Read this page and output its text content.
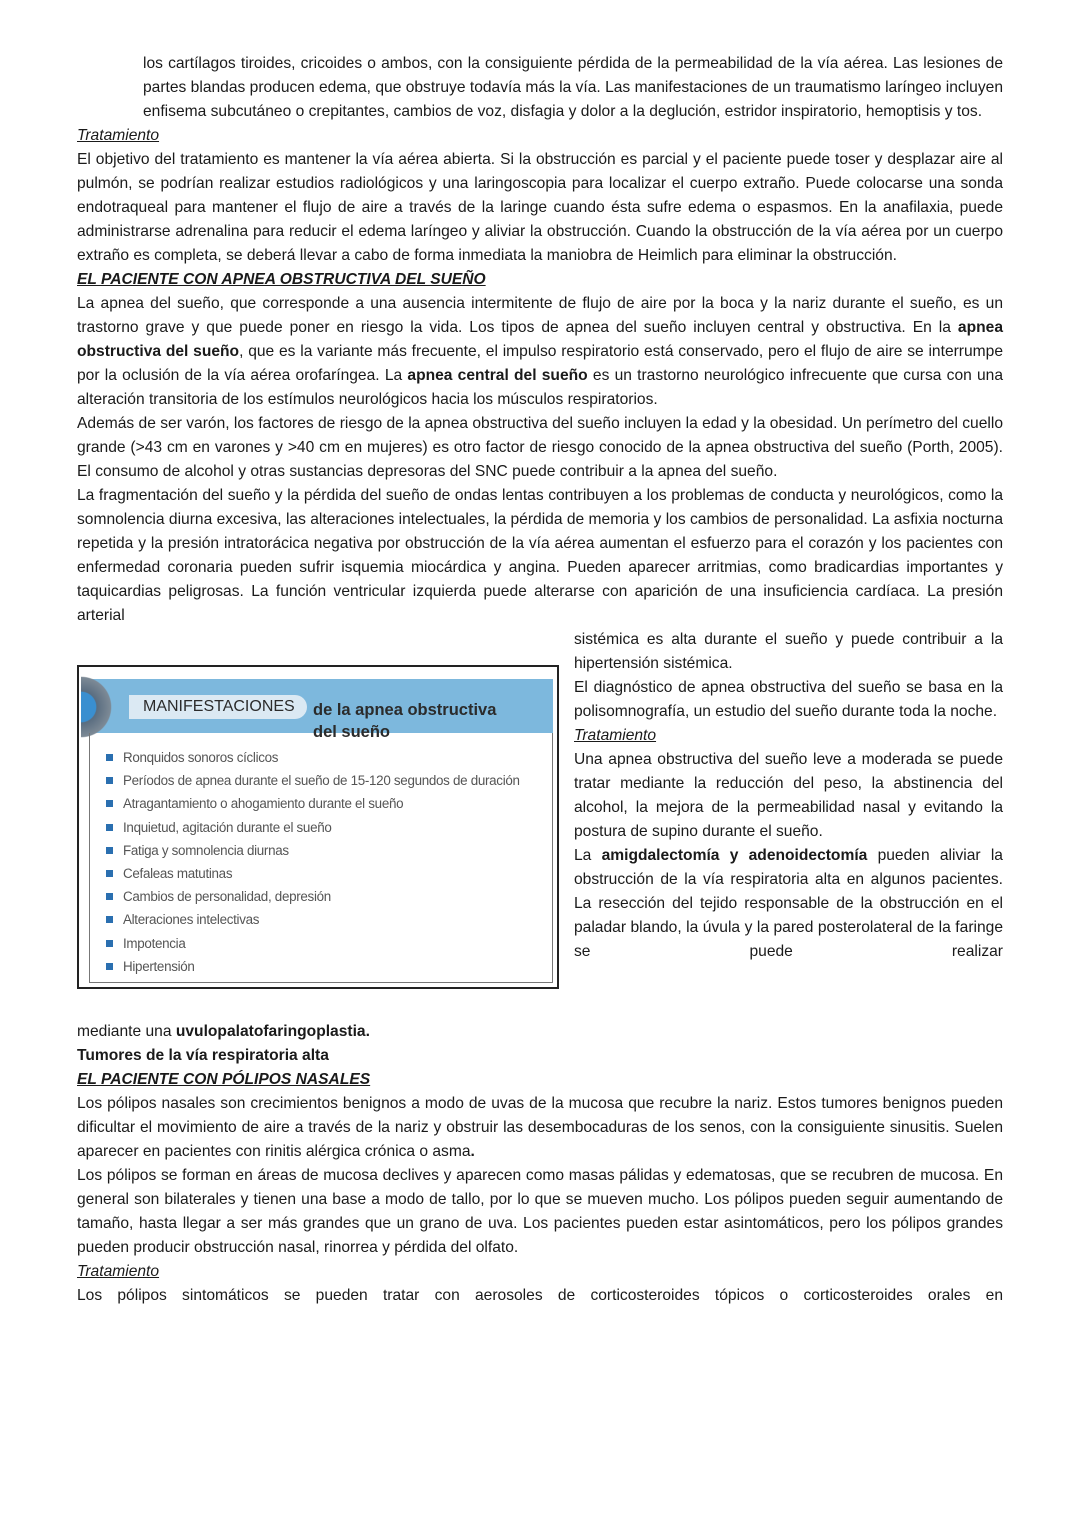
los cartílagos tiroides, cricoides o ambos, con la consiguiente pérdida de la permeabilidad de la vía aérea. Las lesiones de partes blandas producen edema, que obstruye todavía más la vía. Las manifestaciones de un traumatismo laríngeo incluyen enfisema subcutáneo o crepitantes, cambios de voz, disfagia y dolor a la deglución, estridor inspiratorio, hemoptisis y tos.

Tratamiento

El objetivo del tratamiento es mantener la vía aérea abierta. Si la obstrucción es parcial y el paciente puede toser y desplazar aire al pulmón, se podrían realizar estudios radiológicos y una laringoscopia para localizar el cuerpo extraño. Puede colocarse una sonda endotraqueal para mantener el flujo de aire a través de la laringe cuando ésta sufre edema o espasmos. En la anafilaxia, puede administrarse adrenalina para reducir el edema laríngeo y aliviar la obstrucción. Cuando la obstrucción de la vía aérea por un cuerpo extraño es completa, se deberá llevar a cabo de forma inmediata la maniobra de Heimlich para eliminar la obstrucción.

EL PACIENTE CON APNEA OBSTRUCTIVA DEL SUEÑO

La apnea del sueño, que corresponde a una ausencia intermitente de flujo de aire por la boca y la nariz durante el sueño, es un trastorno grave y que puede poner en riesgo la vida. Los tipos de apnea del sueño incluyen central y obstructiva. En la apnea obstructiva del sueño, que es la variante más frecuente, el impulso respiratorio está conservado, pero el flujo de aire se interrumpe por la oclusión de la vía aérea orofaríngea. La apnea central del sueño es un trastorno neurológico infrecuente que cursa con una alteración transitoria de los estímulos neurológicos hacia los músculos respiratorios.

Además de ser varón, los factores de riesgo de la apnea obstructiva del sueño incluyen la edad y la obesidad. Un perímetro del cuello grande (>43 cm en varones y >40 cm en mujeres) es otro factor de riesgo conocido de la apnea obstructiva del sueño (Porth, 2005). El consumo de alcohol y otras sustancias depresoras del SNC puede contribuir a la apnea del sueño.

La fragmentación del sueño y la pérdida del sueño de ondas lentas contribuyen a los problemas de conducta y neurológicos, como la somnolencia diurna excesiva, las alteraciones intelectuales, la pérdida de memoria y los cambios de personalidad. La asfixia nocturna repetida y la presión intratorácica negativa por obstrucción de la vía aérea aumentan el esfuerzo para el corazón y los pacientes con enfermedad coronaria pueden sufrir isquemia miocárdica y angina. Pueden aparecer arritmias, como bradicardias importantes y taquicardias peligrosas. La función ventricular izquierda puede alterarse con aparición de una insuficiencia cardíaca. La presión arterial

MANIFESTACIONES	de la apnea obstructiva
del sueño
Ronquidos sonoros cíclicos
Períodos de apnea durante el sueño de 15-120 segundos de duración
Atragantamiento o ahogamiento durante el sueño
Inquietud, agitación durante el sueño
Fatiga y somnolencia diurnas
Cefaleas matutinas
Cambios de personalidad, depresión
Alteraciones intelectivas
Impotencia
Hipertensión

sistémica es alta durante el sueño y puede contribuir a la hipertensión sistémica.

El diagnóstico de apnea obstructiva del sueño se basa en la polisomnografía, un estudio del sueño durante toda la noche.

Tratamiento

Una apnea obstructiva del sueño leve a moderada se puede tratar mediante la reducción del peso, la abstinencia del alcohol, la mejora de la permeabilidad nasal y evitando la postura de supino durante el sueño.

La amigdalectomía y adenoidectomía pueden aliviar la obstrucción de la vía respiratoria alta en algunos pacientes. La resección del tejido responsable de la obstrucción en el paladar blando, la úvula y la pared posterolateral de la faringe se puede realizar

mediante una uvulopalatofaringoplastia.

Tumores de la vía respiratoria alta
EL PACIENTE CON PÓLIPOS NASALES

Los pólipos nasales son crecimientos benignos a modo de uvas de la mucosa que recubre la nariz. Estos tumores benignos pueden dificultar el movimiento de aire a través de la nariz y obstruir las desembocaduras de los senos, con la consiguiente sinusitis. Suelen aparecer en pacientes con rinitis alérgica crónica o asma.

Los pólipos se forman en áreas de mucosa declives y aparecen como masas pálidas y edematosas, que se recubren de mucosa. En general son bilaterales y tienen una base a modo de tallo, por lo que se mueven mucho. Los pólipos pueden seguir aumentando de tamaño, hasta llegar a ser más grandes que un grano de uva. Los pacientes pueden estar asintomáticos, pero los pólipos grandes pueden producir obstrucción nasal, rinorrea y pérdida del olfato.

Tratamiento

Los pólipos sintomáticos se pueden tratar con aerosoles de corticosteroides tópicos o corticosteroides orales en
